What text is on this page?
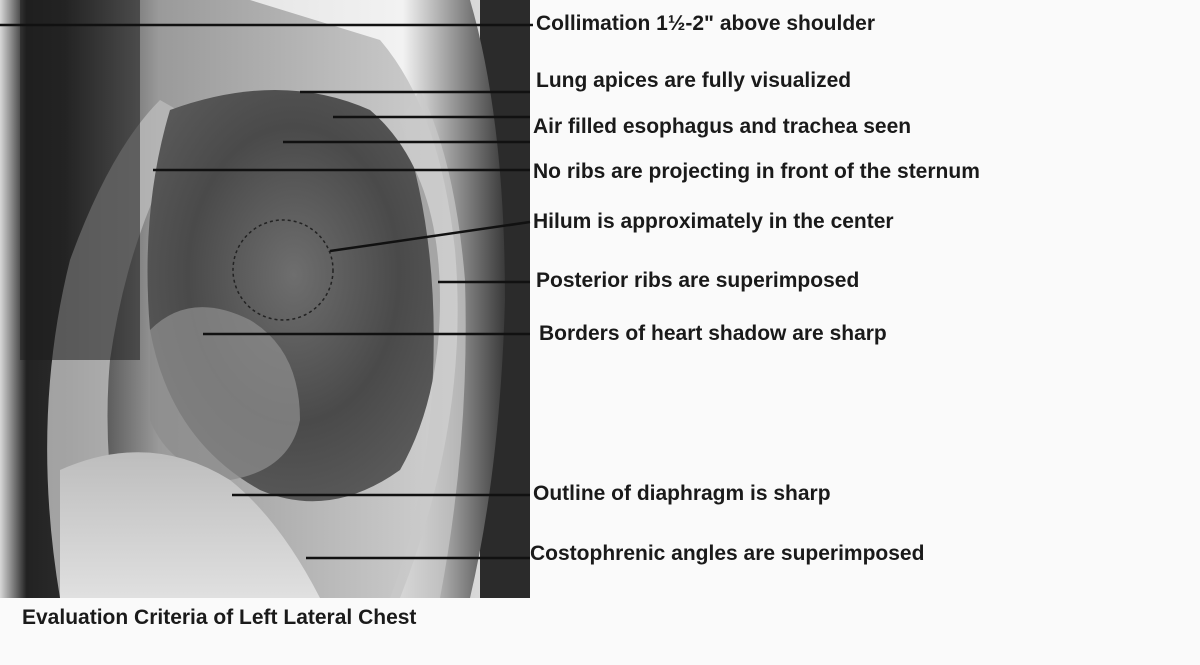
Collimation 1½-2" above shoulder
Lung apices are fully visualized
Air filled esophagus and trachea seen
No ribs are projecting in front of the sternum
Hilum is approximately in the center
Posterior ribs are superimposed
Borders of heart shadow are sharp
Outline of diaphragm is sharp
Costophrenic angles are superimposed
Evaluation Criteria of Left Lateral Chest
